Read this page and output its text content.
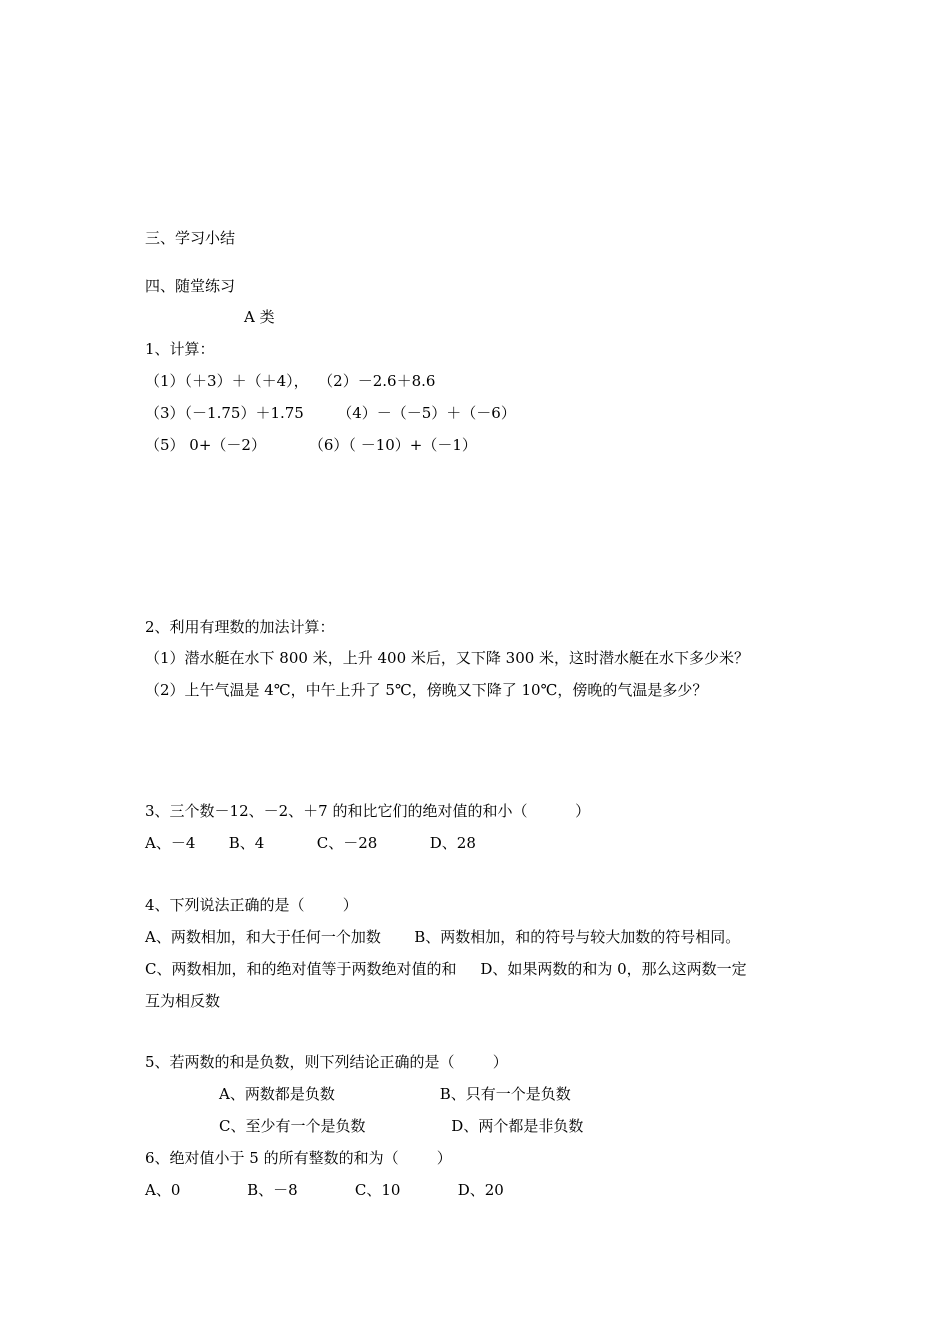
三、学习小结
四、随堂练习
A 类
1、计算：
（1）（＋3）＋（＋4），  （2）－2.6＋8.6
（3）（－1.75）＋1.75       （4）－（－5）＋（－6）
（5） 0+（－2）         （6）（ －10）+（－1）
2、利用有理数的加法计算：
（1）潜水艇在水下 800 米，上升 400 米后，又下降 300 米，这时潜水艇在水下多少米？
（2）上午气温是 4℃，中午上升了 5℃，傍晚又下降了 10℃，傍晚的气温是多少？
3、三个数－12、－2、＋7 的和比它们的绝对值的和小（          ）
A、－4       B、4           C、－28           D、28
4、下列说法正确的是（        ）
A、两数相加，和大于任何一个加数       B、两数相加，和的符号与较大加数的符号相同。
C、两数相加，和的绝对值等于两数绝对值的和     D、如果两数的和为 0，那么这两数一定
互为相反数
5、若两数的和是负数，则下列结论正确的是（        ）
A、两数都是负数                      B、只有一个是负数
C、至少有一个是负数                  D、两个都是非负数
6、绝对值小于 5 的所有整数的和为（        ）
A、0              B、－8            C、10            D、20
